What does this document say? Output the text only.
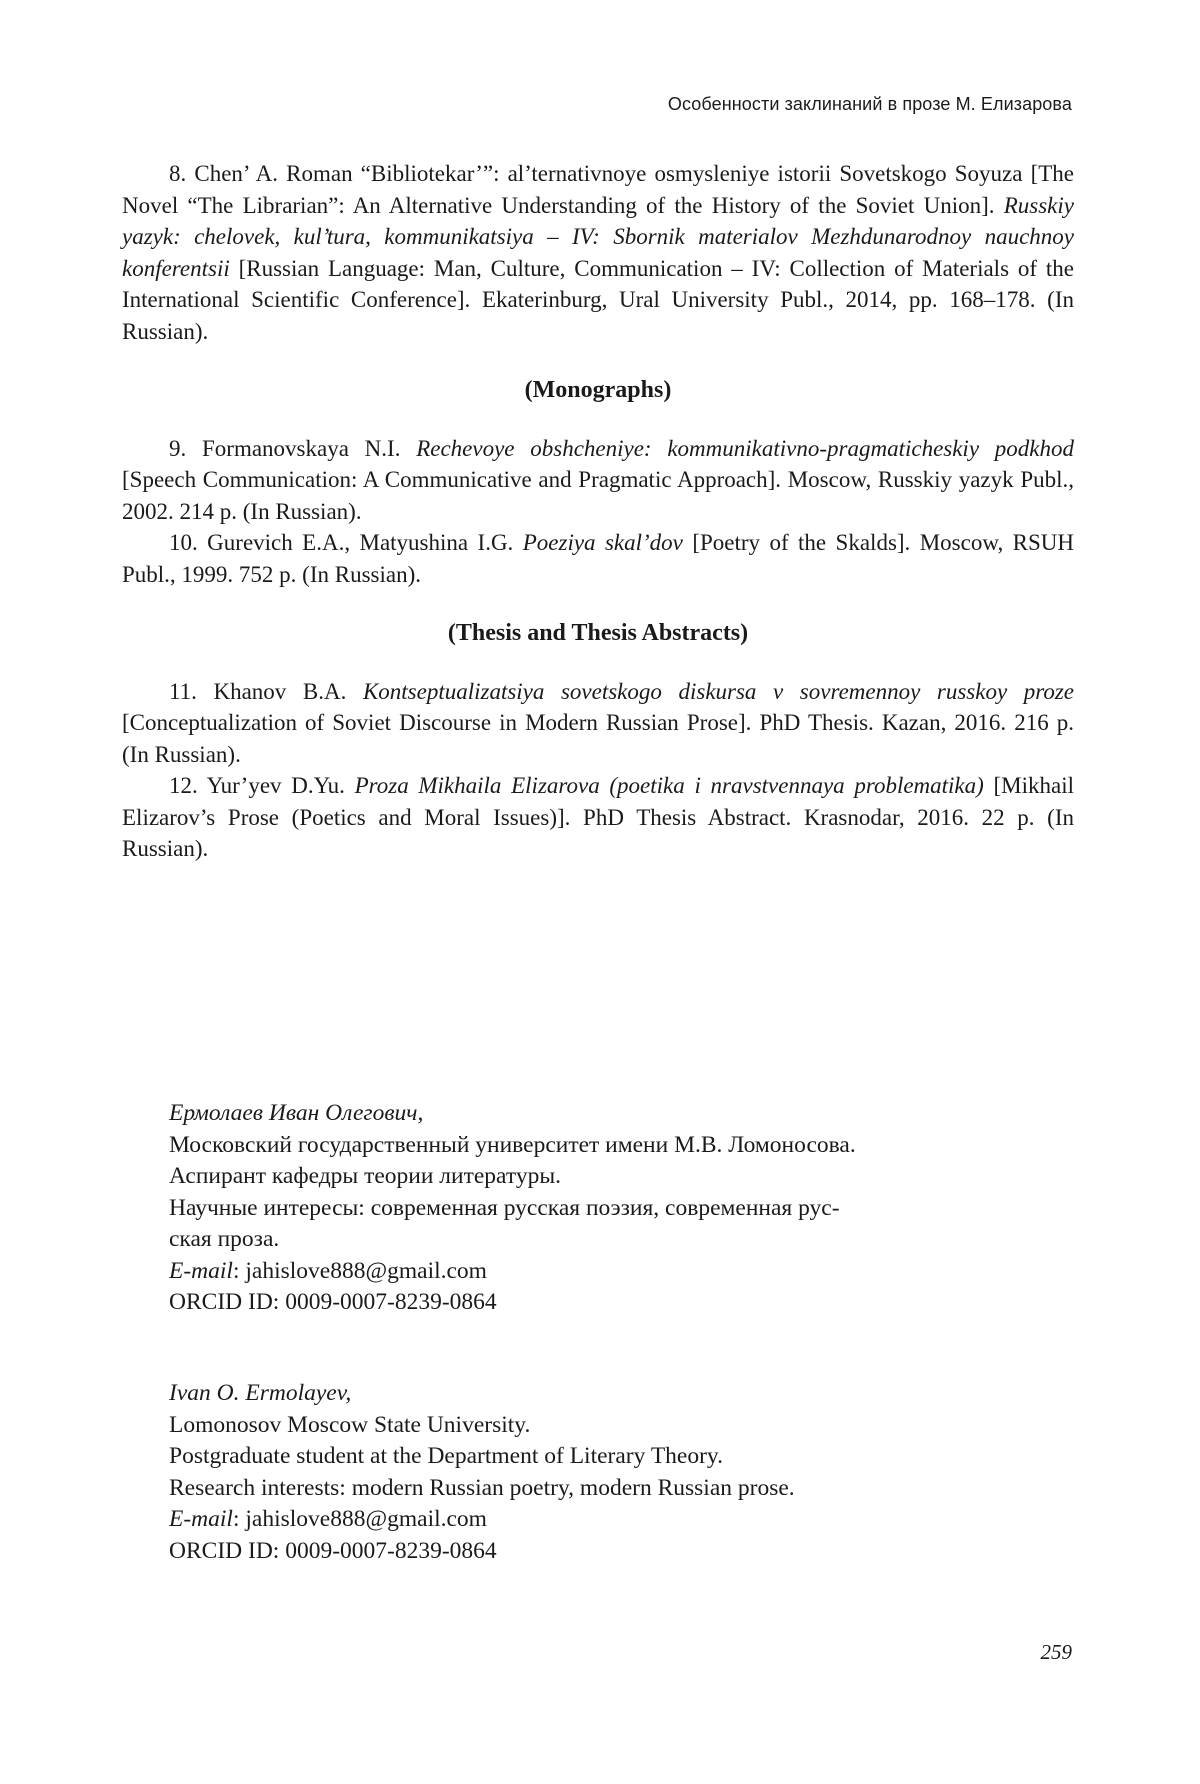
Особенности заклинаний в прозе М. Елизарова

8. Chen’ A. Roman “Bibliotekar’”: al’ternativnoye osmysleniye istorii Sovetskogo Soyuza [The Novel “The Librarian”: An Alternative Understanding of the History of the Soviet Union]. Russkiy yazyk: chelovek, kul’tura, kommunikatsiya – IV: Sbornik materialov Mezhdunarodnoy nauchnoy konferentsii [Russian Language: Man, Culture, Communication – IV: Collection of Materials of the International Scientific Conference]. Ekaterinburg, Ural University Publ., 2014, pp. 168–178. (In Russian).

(Monographs)

9. Formanovskaya N.I. Rechevoye obshcheniye: kommunikativno-pragmaticheskiy podkhod [Speech Communication: A Communicative and Pragmatic Approach]. Moscow, Russkiy yazyk Publ., 2002. 214 p. (In Russian).

10. Gurevich E.A., Matyushina I.G. Poeziya skal’dov [Poetry of the Skalds]. Moscow, RSUH Publ., 1999. 752 p. (In Russian).

(Thesis and Thesis Abstracts)

11. Khanov B.A. Kontseptualizatsiya sovetskogo diskursa v sovremennoy russkoy proze [Conceptualization of Soviet Discourse in Modern Russian Prose]. PhD Thesis. Kazan, 2016. 216 p. (In Russian).

12. Yur’yev D.Yu. Proza Mikhaila Elizarova (poetika i nravstvennaya problematika) [Mikhail Elizarov’s Prose (Poetics and Moral Issues)]. PhD Thesis Abstract. Krasnodar, 2016. 22 p. (In Russian).

Ермолаев Иван Олегович,

Московский государственный университет имени М.В. Ломоносова.

Аспирант кафедры теории литературы.

Научные интересы: современная русская поэзия, современная рус-

ская проза.

E-mail: jahislove888@gmail.com

ORCID ID: 0009-0007-8239-0864

Ivan O. Ermolayev,

Lomonosov Moscow State University.

Postgraduate student at the Department of Literary Theory.

Research interests: modern Russian poetry, modern Russian prose.

E-mail: jahislove888@gmail.com

ORCID ID: 0009-0007-8239-0864

259
